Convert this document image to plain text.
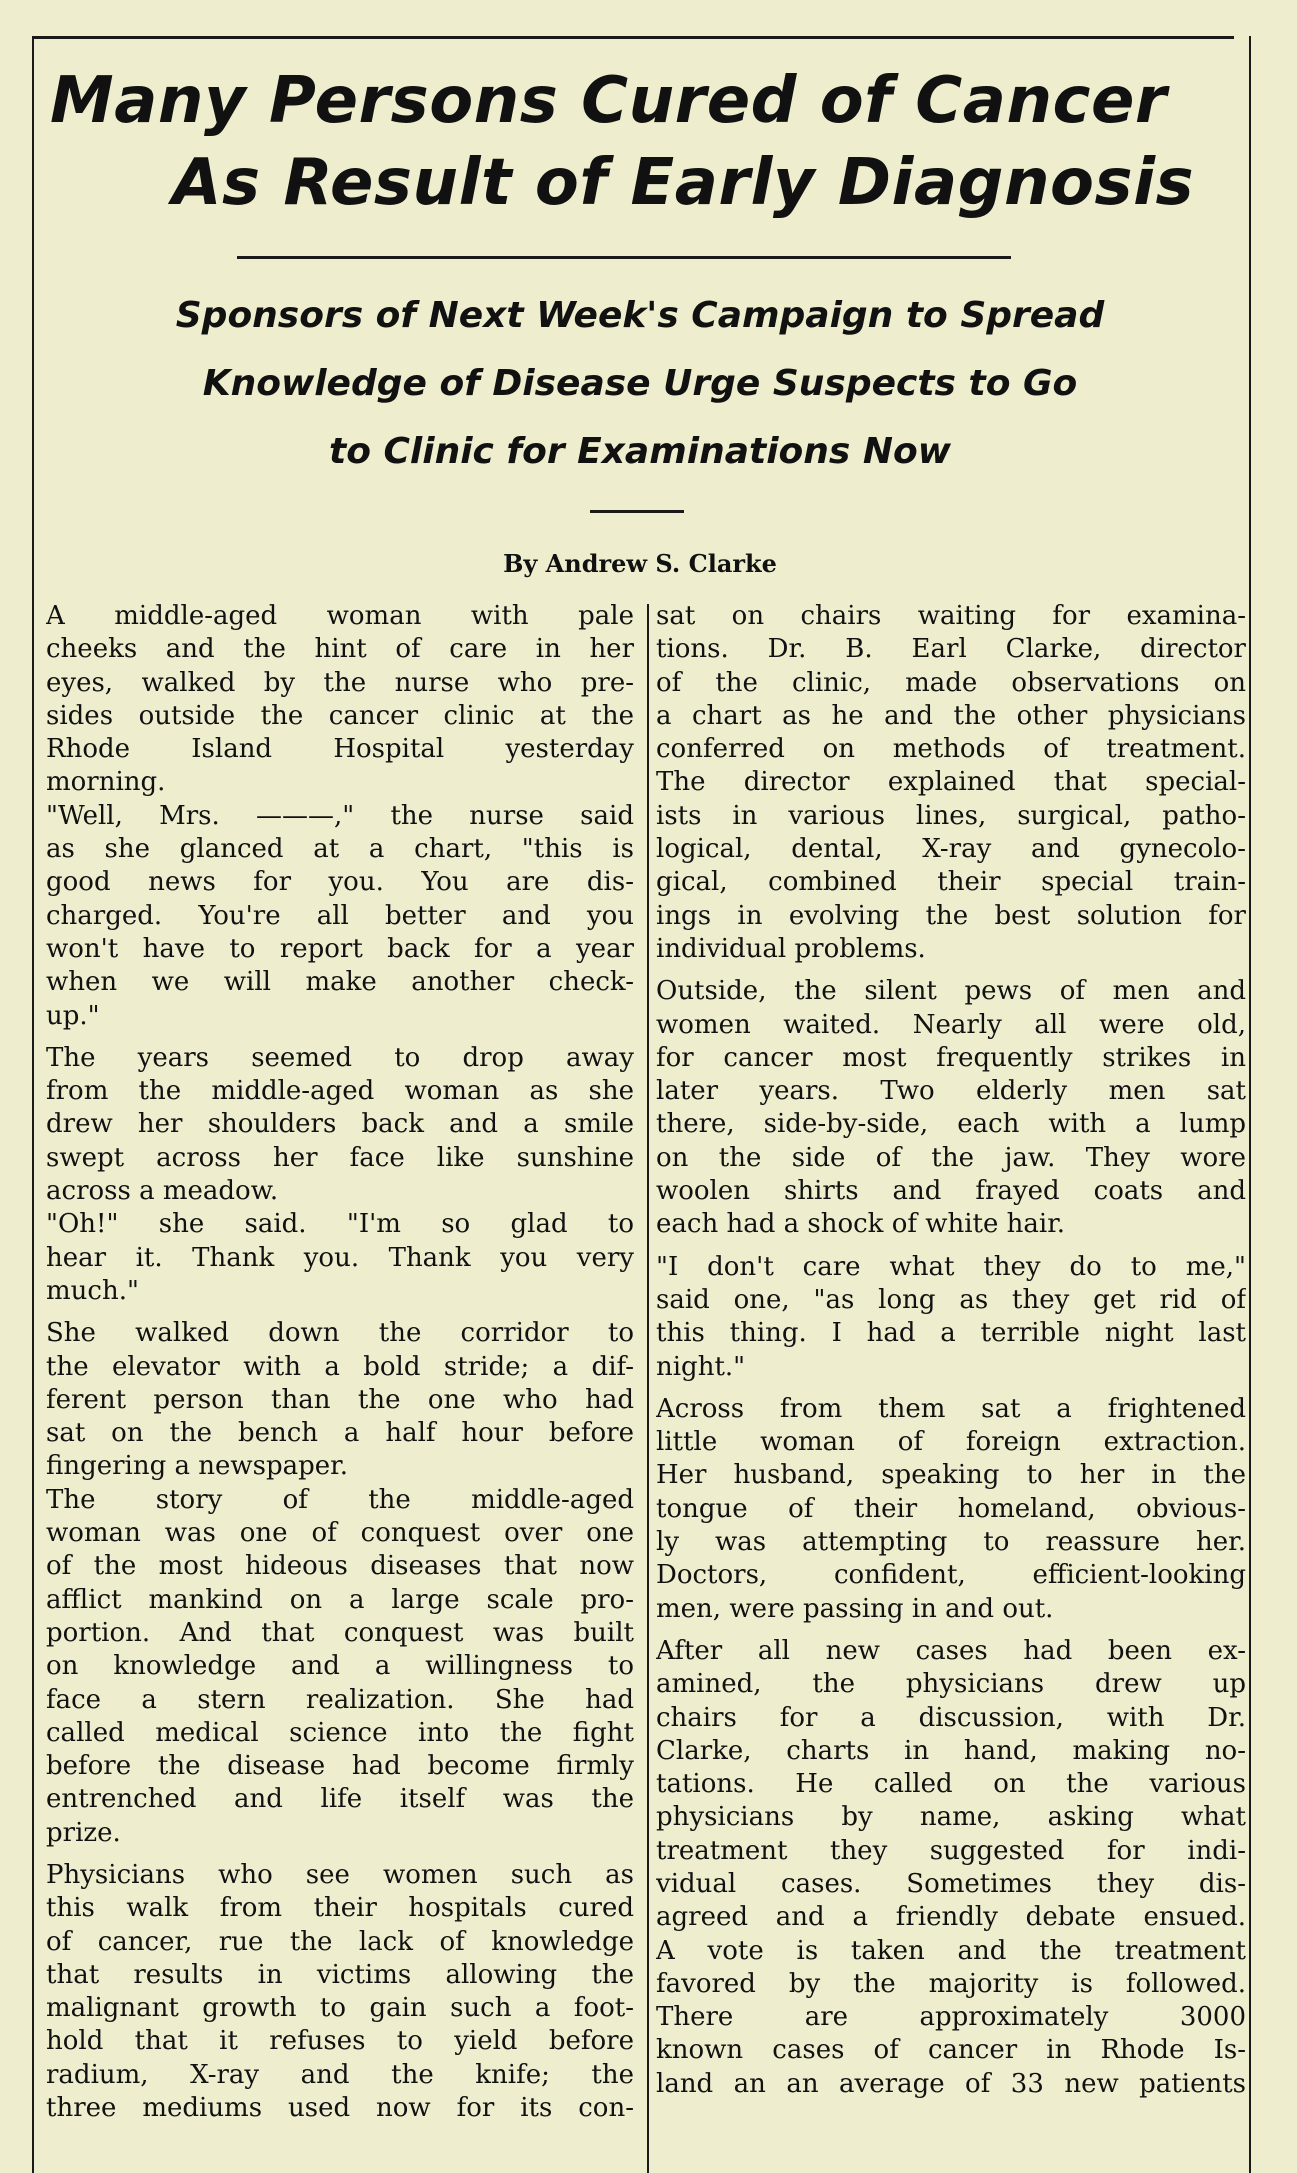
Many Persons Cured of Cancer
As Result of Early Diagnosis
Sponsors of Next Week's Campaign to Spread
Knowledge of Disease Urge Suspects to Go
to Clinic for Examinations Now
By Andrew S. Clarke
A middle-aged woman with pale
cheeks and the hint of care in her
eyes, walked by the nurse who pre-
sides outside the cancer clinic at the
Rhode Island Hospital yesterday
morning.
"Well, Mrs. ———," the nurse said
as she glanced at a chart, "this is
good news for you. You are dis-
charged. You're all better and you
won't have to report back for a year
when we will make another check-
up."
The years seemed to drop away
from the middle-aged woman as she
drew her shoulders back and a smile
swept across her face like sunshine
across a meadow.
"Oh!" she said. "I'm so glad to
hear it. Thank you. Thank you very
much."
She walked down the corridor to
the elevator with a bold stride; a dif-
ferent person than the one who had
sat on the bench a half hour before
fingering a newspaper.
The story of the middle-aged
woman was one of conquest over one
of the most hideous diseases that now
afflict mankind on a large scale pro-
portion. And that conquest was built
on knowledge and a willingness to
face a stern realization. She had
called medical science into the fight
before the disease had become firmly
entrenched and life itself was the
prize.
Physicians who see women such as
this walk from their hospitals cured
of cancer, rue the lack of knowledge
that results in victims allowing the
malignant growth to gain such a foot-
hold that it refuses to yield before
radium, X-ray and the knife; the
three mediums used now for its con-
sat on chairs waiting for examina-
tions. Dr. B. Earl Clarke, director
of the clinic, made observations on
a chart as he and the other physicians
conferred on methods of treatment.
The director explained that special-
ists in various lines, surgical, patho-
logical, dental, X-ray and gynecolo-
gical, combined their special train-
ings in evolving the best solution for
individual problems.
Outside, the silent pews of men and
women waited. Nearly all were old,
for cancer most frequently strikes in
later years. Two elderly men sat
there, side-by-side, each with a lump
on the side of the jaw. They wore
woolen shirts and frayed coats and
each had a shock of white hair.
"I don't care what they do to me,"
said one, "as long as they get rid of
this thing. I had a terrible night last
night."
Across from them sat a frightened
little woman of foreign extraction.
Her husband, speaking to her in the
tongue of their homeland, obvious-
ly was attempting to reassure her.
Doctors, confident, efficient-looking
men, were passing in and out.
After all new cases had been ex-
amined, the physicians drew up
chairs for a discussion, with Dr.
Clarke, charts in hand, making no-
tations. He called on the various
physicians by name, asking what
treatment they suggested for indi-
vidual cases. Sometimes they dis-
agreed and a friendly debate ensued.
A vote is taken and the treatment
favored by the majority is followed.
There are approximately 3000
known cases of cancer in Rhode Is-
land an an average of 33 new patients
